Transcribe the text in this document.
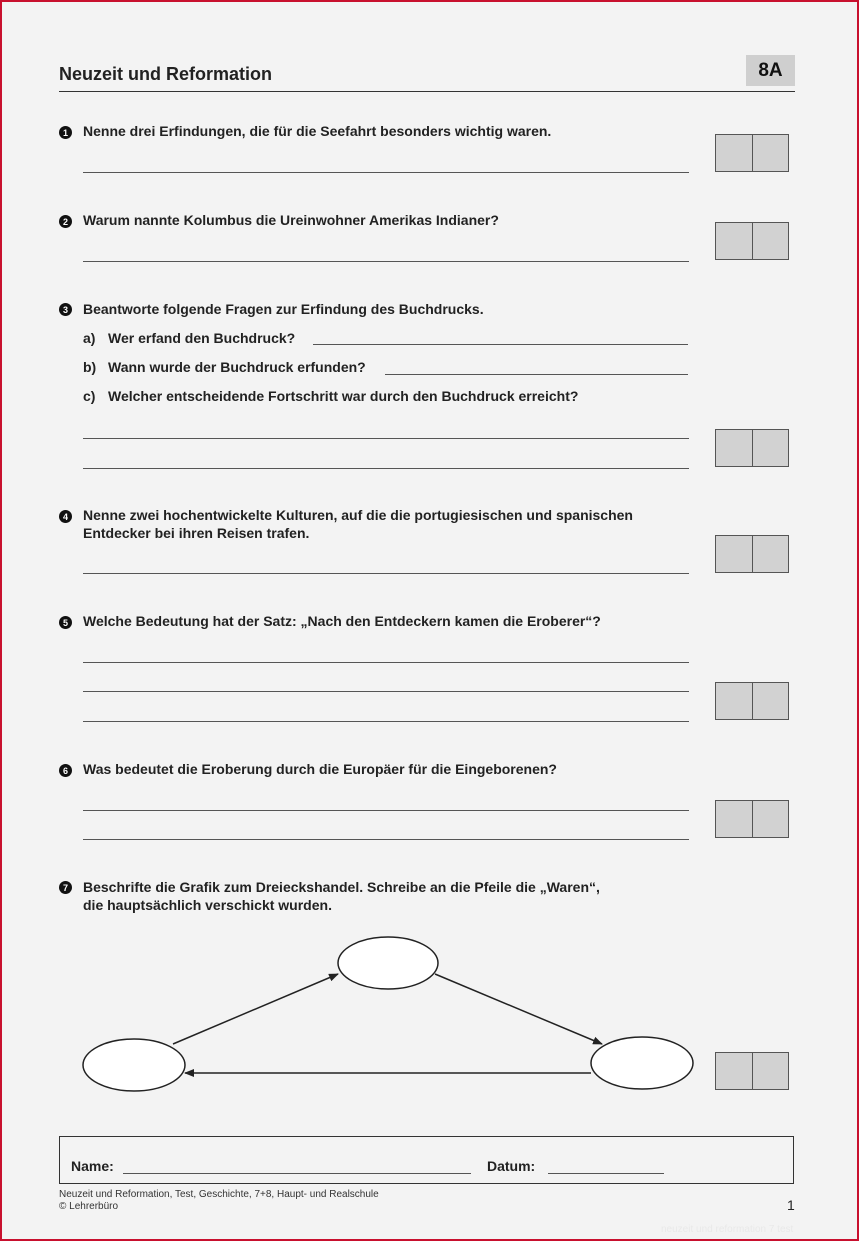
Neuzeit und Reformation	8A
1 Nenne drei Erfindungen, die für die Seefahrt besonders wichtig waren.
2 Warum nannte Kolumbus die Ureinwohner Amerikas Indianer?
3 Beantworte folgende Fragen zur Erfindung des Buchdrucks.
a) Wer erfand den Buchdruck?
b) Wann wurde der Buchdruck erfunden?
c) Welcher entscheidende Fortschritt war durch den Buchdruck erreicht?
4 Nenne zwei hochentwickelte Kulturen, auf die die portugiesischen und spanischen
Entdecker bei ihren Reisen trafen.
5 Welche Bedeutung hat der Satz: „Nach den Entdeckern kamen die Eroberer“?
6 Was bedeutet die Eroberung durch die Europäer für die Eingeborenen?
7 Beschrifte die Grafik zum Dreieckshandel. Schreibe an die Pfeile die „Waren“,
die hauptsächlich verschickt wurden.
Name:	Datum:
Neuzeit und Reformation, Test, Geschichte, 7+8, Haupt- und Realschule
© Lehrerbüro	1
neuzeit und reformation 7 test
